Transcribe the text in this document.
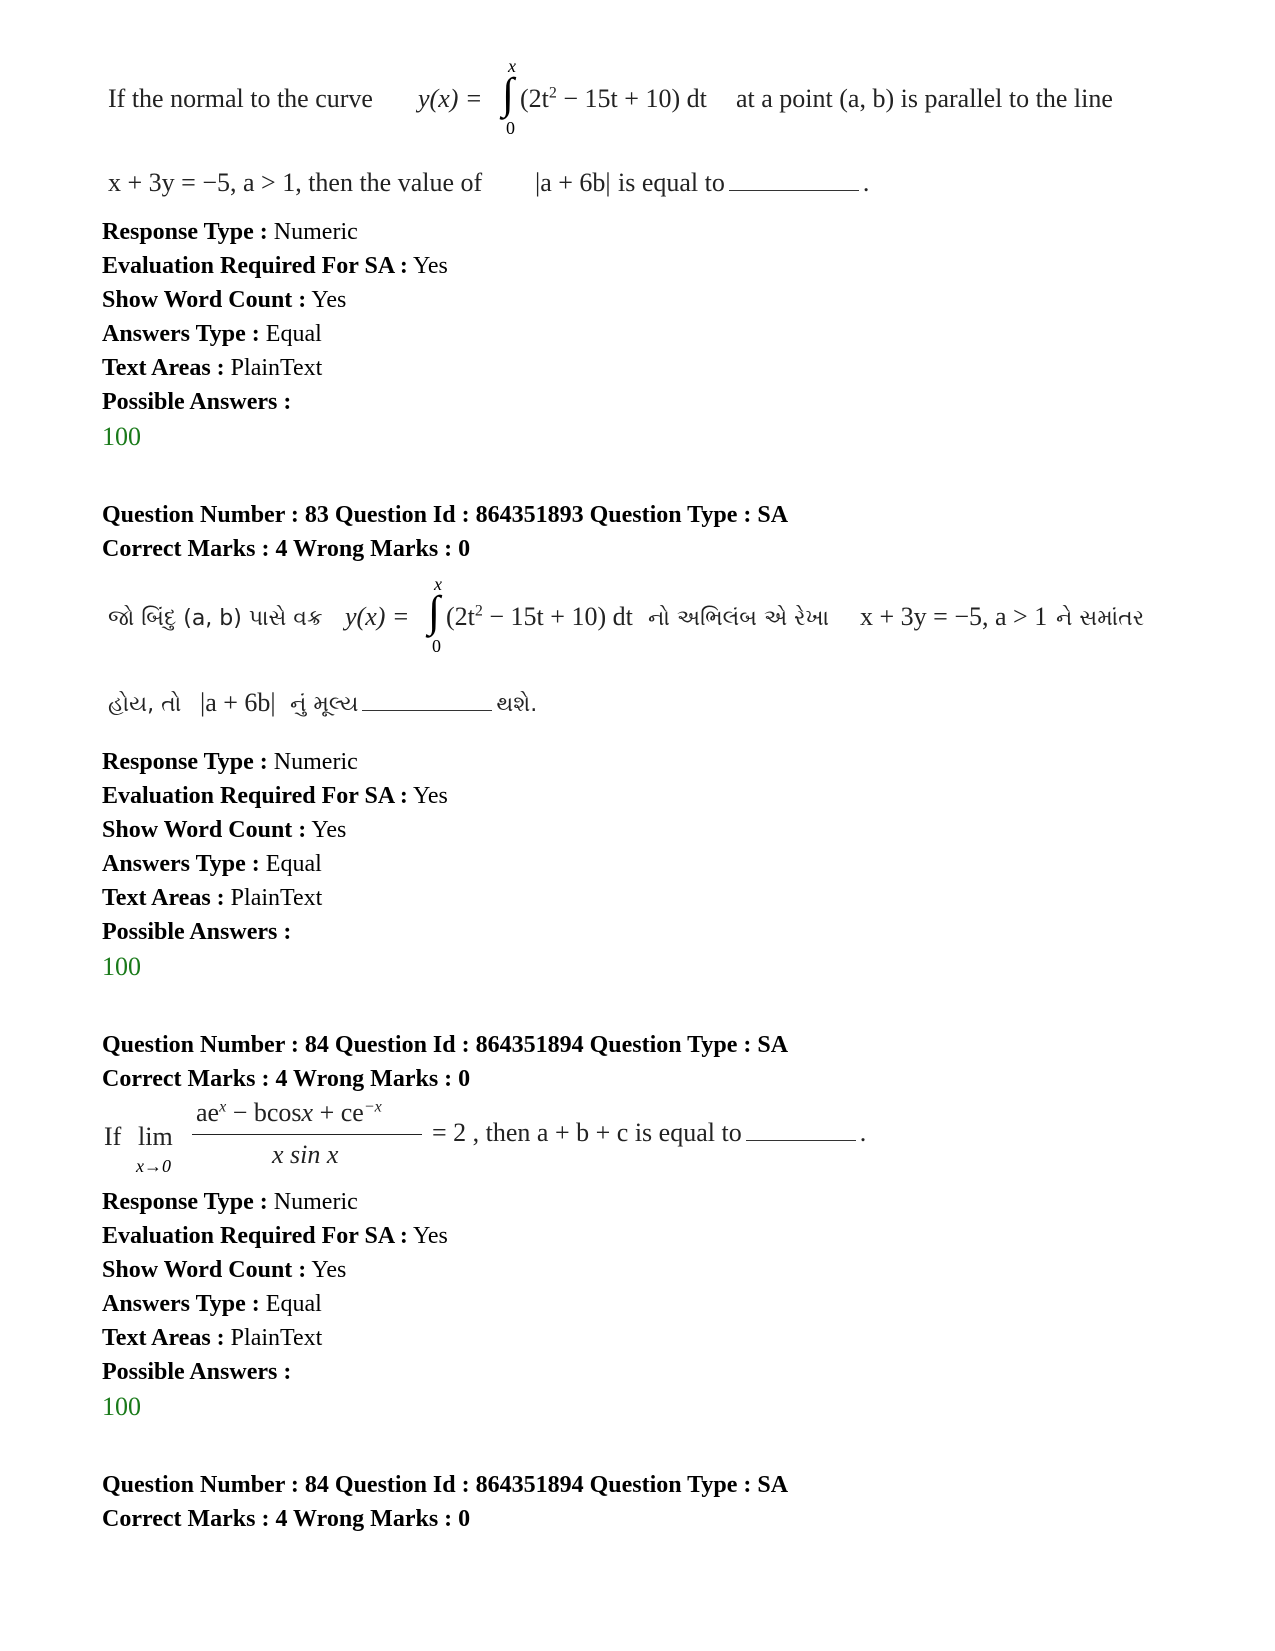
If the normal to the curve y(x) =
x
∫
0
$(2t^2 - 15t + 10)$ dt at a point (a, b) is parallel to the line
x + 3y = −5, a > 1, then the value of |a + 6b| is equal to	.
Response Type : Numeric
Evaluation Required For SA : Yes
Show Word Count : Yes
Answers Type : Equal
Text Areas : PlainText
Possible Answers :
100
Question Number : 83 Question Id : 864351893 Question Type : SA
Correct Marks : 4 Wrong Marks : 0
જો બિંદુ (a, b) પાસે વક્ર y(x) =
x
∫
0
$(2t^2 - 15t + 10)$ dt નો અભિલંબ એ રેખા x + 3y = −5, a > 1 ને સમાંતર
હોય, તો |a + 6b| નું મૂલ્ય	થશે.
Response Type : Numeric
Evaluation Required For SA : Yes
Show Word Count : Yes
Answers Type : Equal
Text Areas : PlainText
Possible Answers :
100
Question Number : 84 Question Id : 864351894 Question Type : SA
Correct Marks : 4 Wrong Marks : 0
If lim
x→0
$ae^x - bcosx + ce^{-x}$
x sin x
= 2 , then a + b + c is equal to	.
Response Type : Numeric
Evaluation Required For SA : Yes
Show Word Count : Yes
Answers Type : Equal
Text Areas : PlainText
Possible Answers :
100
Question Number : 84 Question Id : 864351894 Question Type : SA
Correct Marks : 4 Wrong Marks : 0
